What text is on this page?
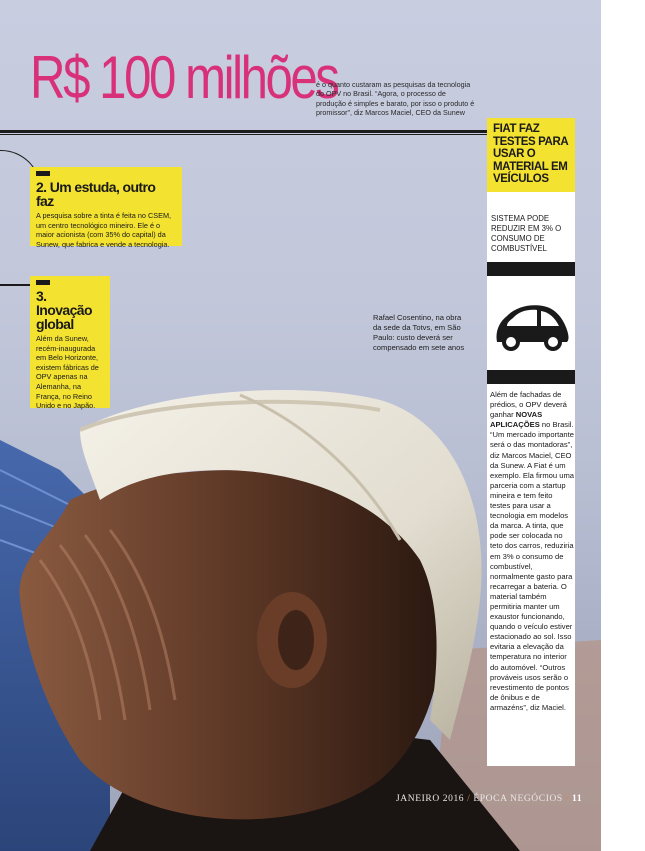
R$ 100 milhões
é o quanto custaram as pesquisas da tecnologia do OPV no Brasil. “Agora, o processo de produção é simples e barato, por isso o produto é promissor”, diz Marcos Maciel, CEO da Sunew
2. Um estuda, outro faz

A pesquisa sobre a tinta é feita no CSEM, um centro tecnológico mineiro. Ele é o maior acionista (com 35% do capital) da Sunew, que fabrica e vende a tecnologia.

3. Inovação global

Além da Sunew, recém-inaugurada em Belo Horizonte, existem fábricas de OPV apenas na Alemanha, na França, no Reino Unido e no Japão.

Rafael Cosentino, na obra da sede da Totvs, em São Paulo: custo deverá ser compensado em sete anos
FIAT FAZ TESTES PARA USAR O MATERIAL EM VEÍCULOS
SISTEMA PODE REDUZIR EM 3% O CONSUMO DE COMBUSTÍVEL
Além de fachadas de prédios, o OPV deverá ganhar NOVAS APLICAÇÕES no Brasil. “Um mercado importante será o das montadoras”, diz Marcos Maciel, CEO da Sunew. A Fiat é um exemplo. Ela firmou uma parceria com a startup mineira e tem feito testes para usar a tecnologia em modelos da marca. A tinta, que pode ser colocada no teto dos carros, reduziria em 3% o consumo de combustível, normalmente gasto para recarregar a bateria. O material também permitiria manter um exaustor funcionando, quando o veículo estiver estacionado ao sol. Isso evitaria a elevação da temperatura no interior do automóvel. “Outros prováveis usos serão o revestimento de pontos de ônibus e de armazéns”, diz Maciel.
JANEIRO 2016 / ÉPOCA NEGÓCIOS / 11
